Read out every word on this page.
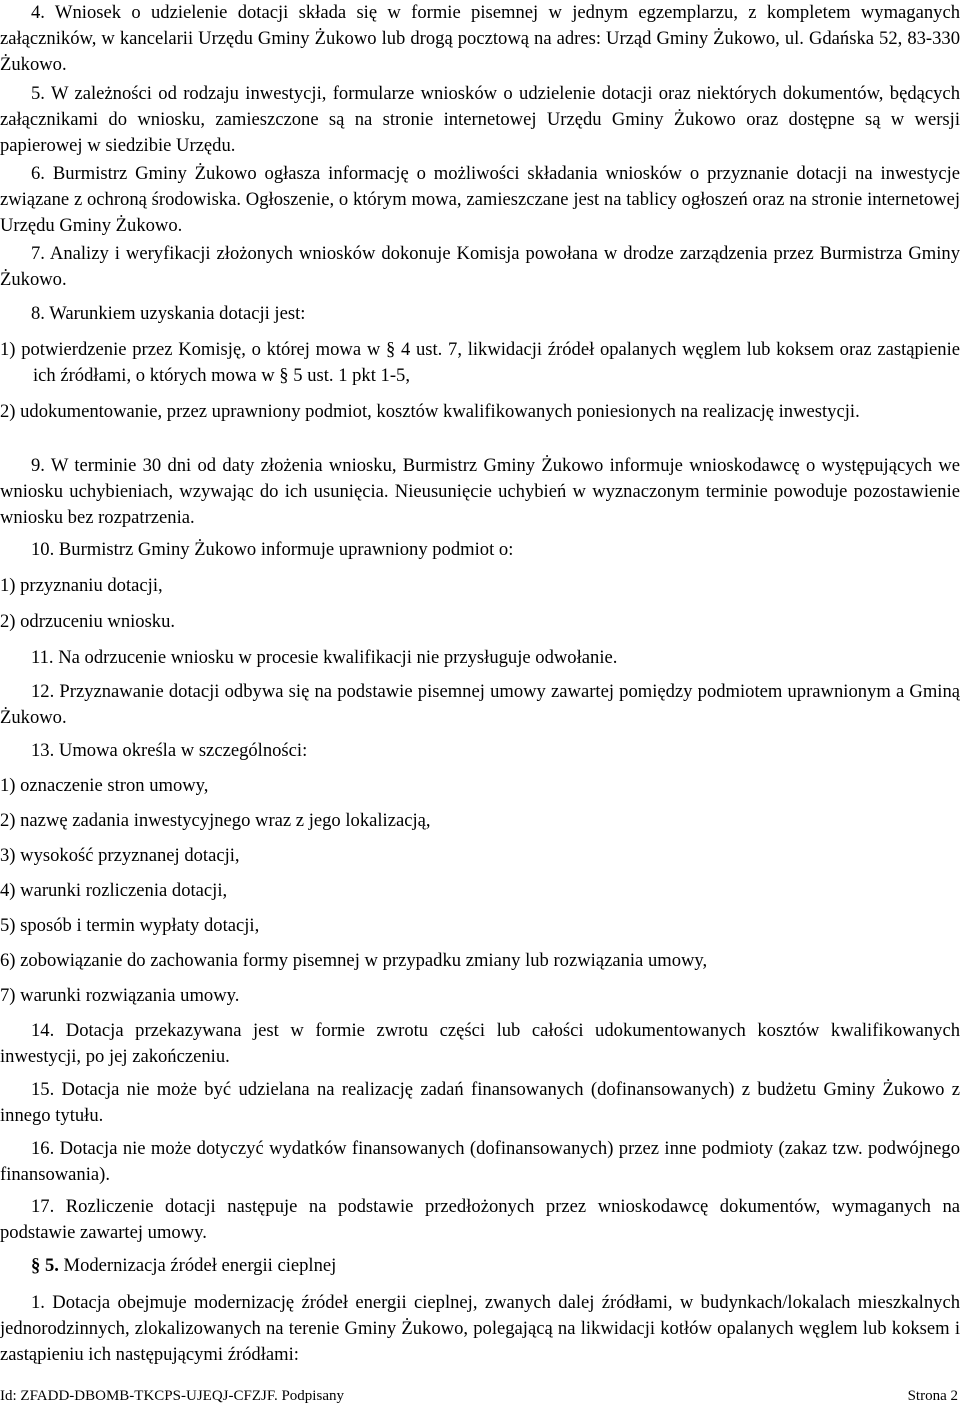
4. Wniosek o udzielenie dotacji składa się w formie pisemnej w jednym egzemplarzu, z kompletem wymaganych załączników, w kancelarii Urzędu Gminy Żukowo lub drogą pocztową na adres: Urząd Gminy Żukowo, ul. Gdańska 52, 83-330 Żukowo.
5. W zależności od rodzaju inwestycji, formularze wniosków o udzielenie dotacji oraz niektórych dokumentów, będących załącznikami do wniosku, zamieszczone są na stronie internetowej Urzędu Gminy Żukowo oraz dostępne są w wersji papierowej w siedzibie Urzędu.
6. Burmistrz Gminy Żukowo ogłasza informację o możliwości składania wniosków o przyznanie dotacji na inwestycje związane z ochroną środowiska. Ogłoszenie, o którym mowa, zamieszczane jest na tablicy ogłoszeń oraz na stronie internetowej Urzędu Gminy Żukowo.
7. Analizy i weryfikacji złożonych wniosków dokonuje Komisja powołana w drodze zarządzenia przez Burmistrza Gminy Żukowo.
8. Warunkiem uzyskania dotacji jest:
1) potwierdzenie przez Komisję, o której mowa w § 4 ust. 7, likwidacji źródeł opalanych węglem lub koksem oraz zastąpienie ich źródłami, o których mowa w § 5 ust. 1 pkt 1-5,
2) udokumentowanie, przez uprawniony podmiot, kosztów kwalifikowanych poniesionych na realizację inwestycji.
9. W terminie 30 dni od daty złożenia wniosku, Burmistrz Gminy Żukowo informuje wnioskodawcę o występujących we wniosku uchybieniach, wzywając do ich usunięcia. Nieusunięcie uchybień w wyznaczonym terminie powoduje pozostawienie wniosku bez rozpatrzenia.
10. Burmistrz Gminy Żukowo informuje uprawniony podmiot o:
1) przyznaniu dotacji,
2) odrzuceniu wniosku.
11. Na odrzucenie wniosku w procesie kwalifikacji nie przysługuje odwołanie.
12. Przyznawanie dotacji odbywa się na podstawie pisemnej umowy zawartej pomiędzy podmiotem uprawnionym a Gminą Żukowo.
13. Umowa określa w szczególności:
1) oznaczenie stron umowy,
2) nazwę zadania inwestycyjnego wraz z jego lokalizacją,
3) wysokość przyznanej dotacji,
4) warunki rozliczenia dotacji,
5) sposób i termin wypłaty dotacji,
6) zobowiązanie do zachowania formy pisemnej w przypadku zmiany lub rozwiązania umowy,
7) warunki rozwiązania umowy.
14. Dotacja przekazywana jest w formie zwrotu części lub całości udokumentowanych kosztów kwalifikowanych inwestycji, po jej zakończeniu.
15. Dotacja nie może być udzielana na realizację zadań finansowanych (dofinansowanych) z budżetu Gminy Żukowo z innego tytułu.
16. Dotacja nie może dotyczyć wydatków finansowanych (dofinansowanych) przez inne podmioty (zakaz tzw. podwójnego finansowania).
17. Rozliczenie dotacji następuje na podstawie przedłożonych przez wnioskodawcę dokumentów, wymaganych na podstawie zawartej umowy.
§ 5. Modernizacja źródeł energii cieplnej
1. Dotacja obejmuje modernizację źródeł energii cieplnej, zwanych dalej źródłami, w budynkach/lokalach mieszkalnych jednorodzinnych, zlokalizowanych na terenie Gminy Żukowo, polegającą na likwidacji kotłów opalanych węglem lub koksem i zastąpieniu ich następującymi źródłami:
Id: ZFADD-DBOMB-TKCPS-UJEQJ-CFZJF. Podpisany	Strona 2
